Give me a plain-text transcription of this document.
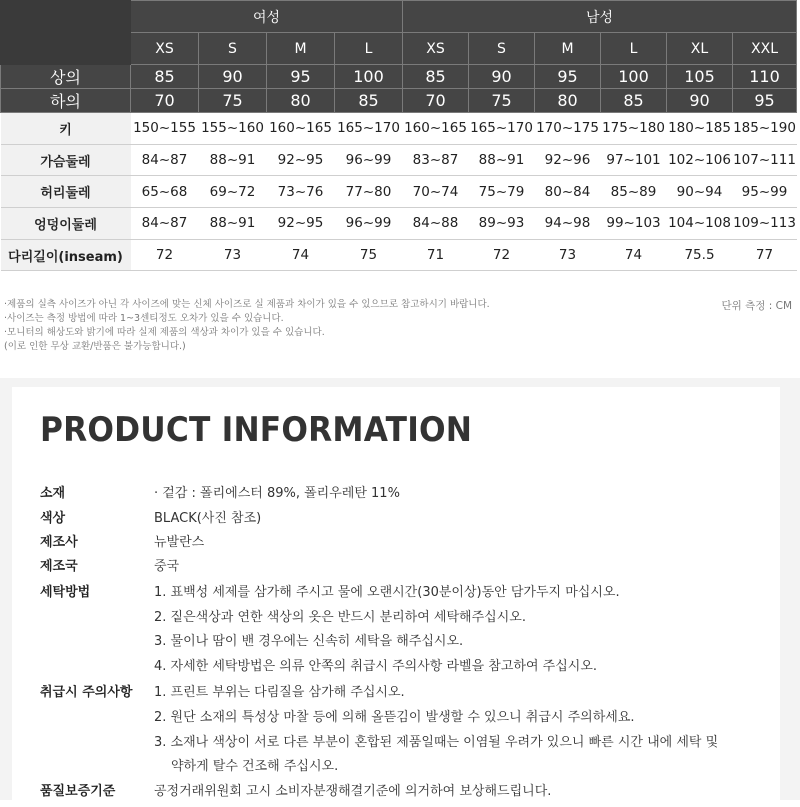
	여성				남성					
	XS	S	M	L	XS	S	M	L	XL	XXL
상의	85	90	95	100	85	90	95	100	105	110
하의	70	75	80	85	70	75	80	85	90	95
키	150~155	155~160	160~165	165~170	160~165	165~170	170~175	175~180	180~185	185~190
가슴둘레	84~87	88~91	92~95	96~99	83~87	88~91	92~96	97~101	102~106	107~111
허리둘레	65~68	69~72	73~76	77~80	70~74	75~79	80~84	85~89	90~94	95~99
엉덩이둘레	84~87	88~91	92~95	96~99	84~88	89~93	94~98	99~103	104~108	109~113
다리길이(inseam)	72	73	74	75	71	72	73	74	75.5	77

·제품의 실측 사이즈가 아닌 각 사이즈에 맞는 신체 사이즈로 실 제품과 차이가 있을 수 있으므로 참고하시기 바랍니다.

·사이즈는 측정 방법에 따라 1~3센티정도 오차가 있을 수 있습니다.

·모니터의 해상도와 밝기에 따라 실제 제품의 색상과 차이가 있을 수 있습니다.

(이로 인한 무상 교환/반품은 불가능합니다.)

단위 측정 : CM
PRODUCT INFORMATION
소재	· 겉감 : 폴리에스터 89%, 폴리우레탄 11%
색상	BLACK(사진 참조)
제조사	뉴발란스
제조국	중국
세탁방법	1. 표백성 세제를 삼가해 주시고 물에 오랜시간(30분이상)동안 담가두지 마십시오.
2. 짙은색상과 연한 색상의 옷은 반드시 분리하여 세탁해주십시오.
3. 물이나 땀이 밴 경우에는 신속히 세탁을 해주십시오.
4. 자세한 세탁방법은 의류 안쪽의 취급시 주의사항 라벨을 참고하여 주십시오.
취급시 주의사항 1. 프린트 부위는 다림질을 삼가해 주십시오.
2. 원단 소재의 특성상 마찰 등에 의해 올뜯김이 발생할 수 있으니 취급시 주의하세요.
3. 소재나 색상이 서로 다른 부분이 혼합된 제품일때는 이염될 우려가 있으니 빠른 시간 내에 세탁 및
약하게 탈수 건조해 주십시오.
품질보증기준	공정거래위원회 고시 소비자분쟁해결기준에 의거하여 보상해드립니다.
